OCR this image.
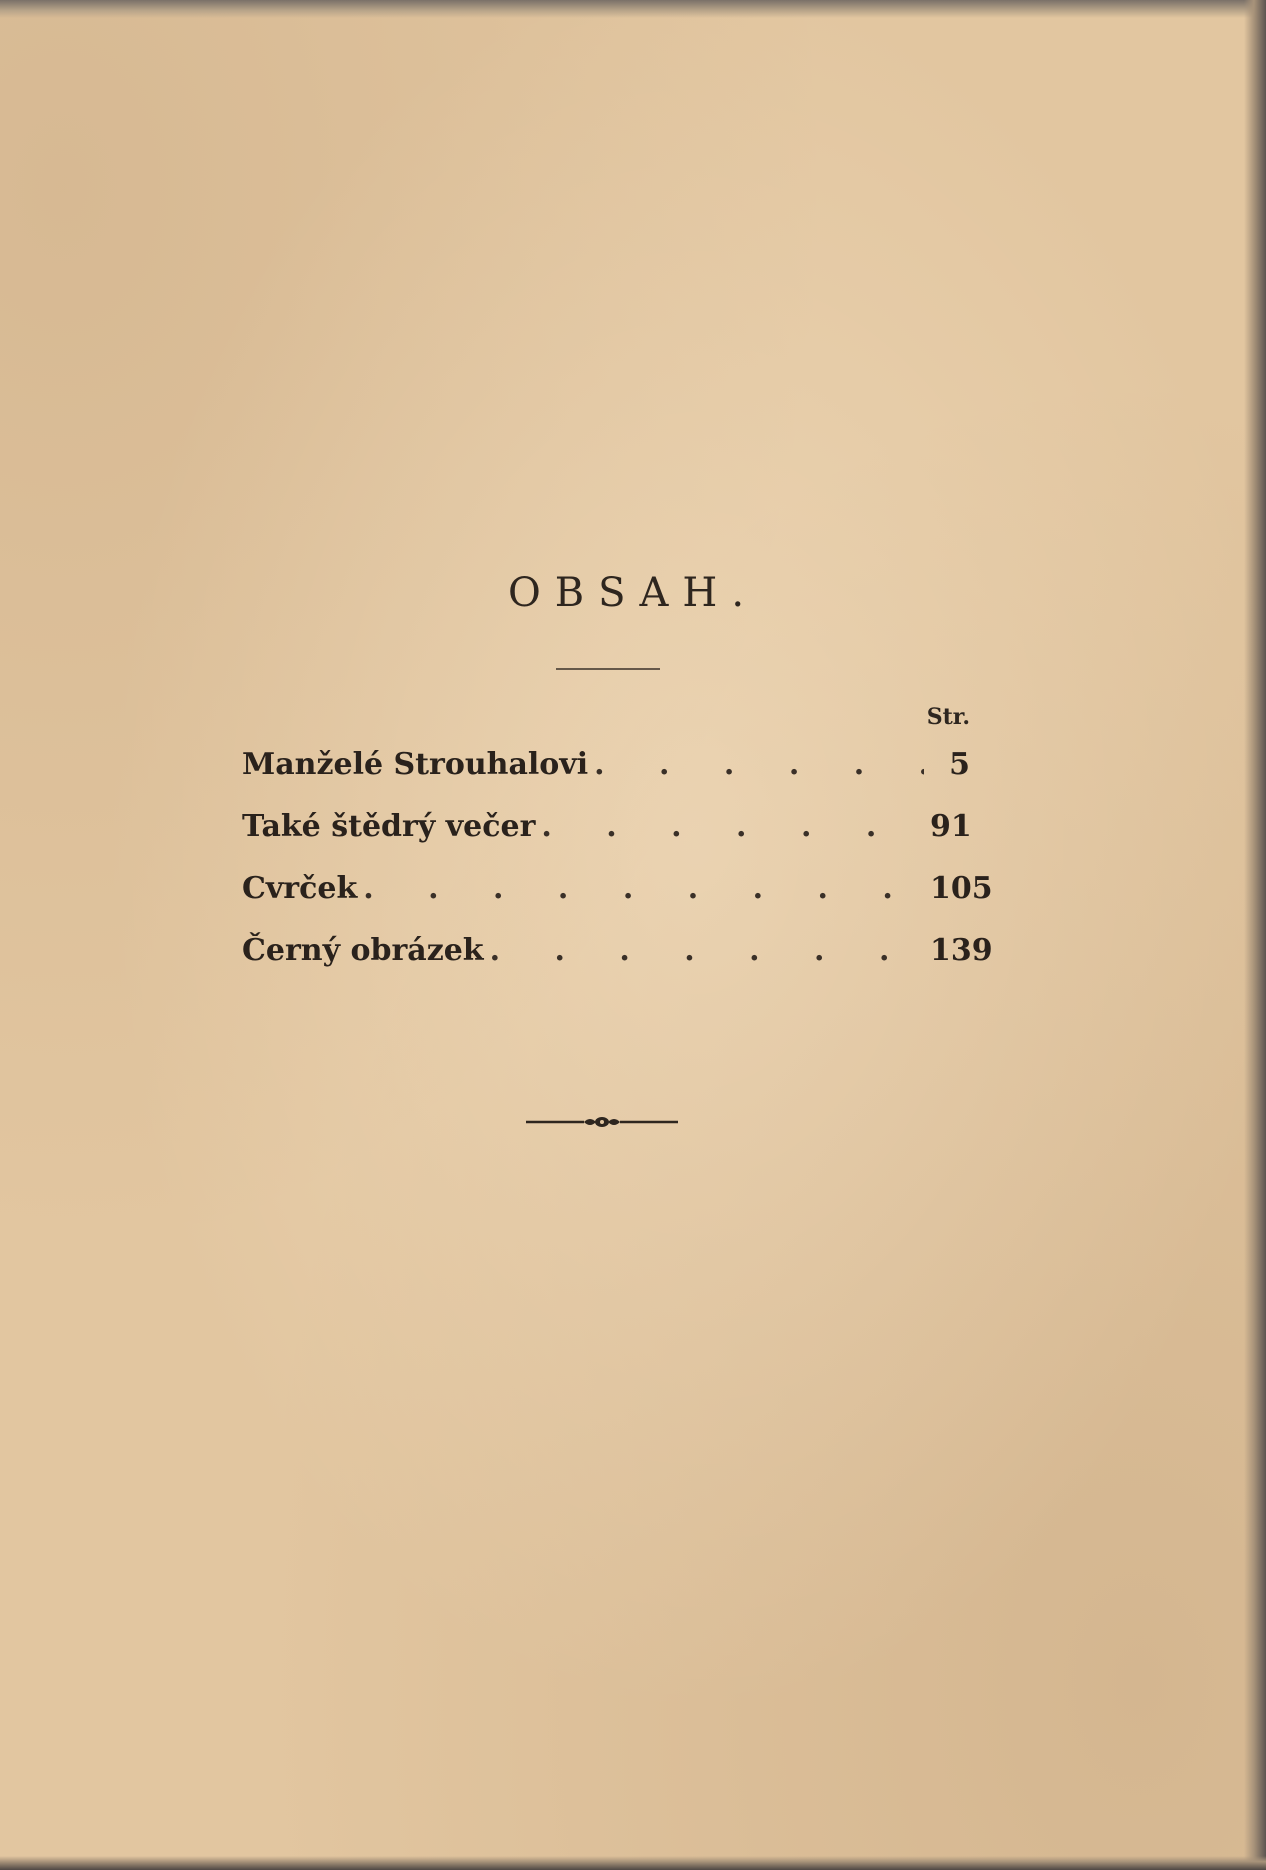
OBSAH.
Str.
Manželé Strouhalovi . . .	5
Také štědrý večer . . .	91
Cvrček . . .	105
Černý obrázek . . .	139
